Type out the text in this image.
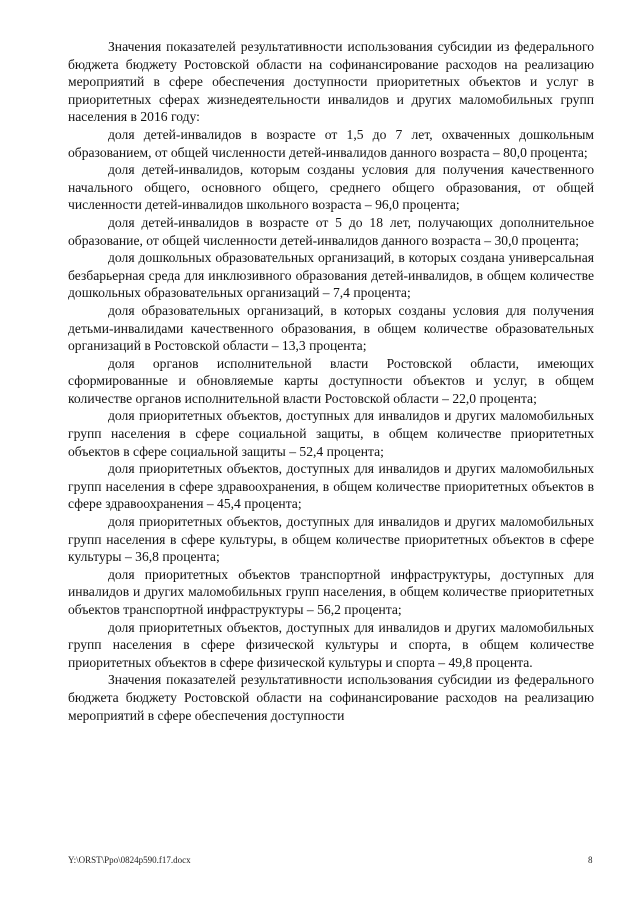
Значения показателей результативности использования субсидии из федерального бюджета бюджету Ростовской области на софинансирование расходов на реализацию мероприятий в сфере обеспечения доступности приоритетных объектов и услуг в приоритетных сферах жизнедеятельности инвалидов и других маломобильных групп населения в 2016 году:

доля детей-инвалидов в возрасте от 1,5 до 7 лет, охваченных дошкольным образованием, от общей численности детей-инвалидов данного возраста – 80,0 процента;

доля детей-инвалидов, которым созданы условия для получения качественного начального общего, основного общего, среднего общего образования, от общей численности детей-инвалидов школьного возраста – 96,0 процента;

доля детей-инвалидов в возрасте от 5 до 18 лет, получающих дополнительное образование, от общей численности детей-инвалидов данного возраста – 30,0 процента;

доля дошкольных образовательных организаций, в которых создана универсальная безбарьерная среда для инклюзивного образования детей-инвалидов, в общем количестве дошкольных образовательных организаций – 7,4 процента;

доля образовательных организаций, в которых созданы условия для получения детьми-инвалидами качественного образования, в общем количестве образовательных организаций в Ростовской области – 13,3 процента;

доля органов исполнительной власти Ростовской области, имеющих сформированные и обновляемые карты доступности объектов и услуг, в общем количестве органов исполнительной власти Ростовской области – 22,0 процента;

доля приоритетных объектов, доступных для инвалидов и других маломобильных групп населения в сфере социальной защиты, в общем количестве приоритетных объектов в сфере социальной защиты – 52,4 процента;

доля приоритетных объектов, доступных для инвалидов и других маломобильных групп населения в сфере здравоохранения, в общем количестве приоритетных объектов в сфере здравоохранения – 45,4 процента;

доля приоритетных объектов, доступных для инвалидов и других маломобильных групп населения в сфере культуры, в общем количестве приоритетных объектов в сфере культуры – 36,8 процента;

доля приоритетных объектов транспортной инфраструктуры, доступных для инвалидов и других маломобильных групп населения, в общем количестве приоритетных объектов транспортной инфраструктуры – 56,2 процента;

доля приоритетных объектов, доступных для инвалидов и других маломобильных групп населения в сфере физической культуры и спорта, в общем количестве приоритетных объектов в сфере физической культуры и спорта – 49,8 процента.

Значения показателей результативности использования субсидии из федерального бюджета бюджету Ростовской области на софинансирование расходов на реализацию мероприятий в сфере обеспечения доступности

Y:\ORST\Ppo\0824p590.f17.docx	8
